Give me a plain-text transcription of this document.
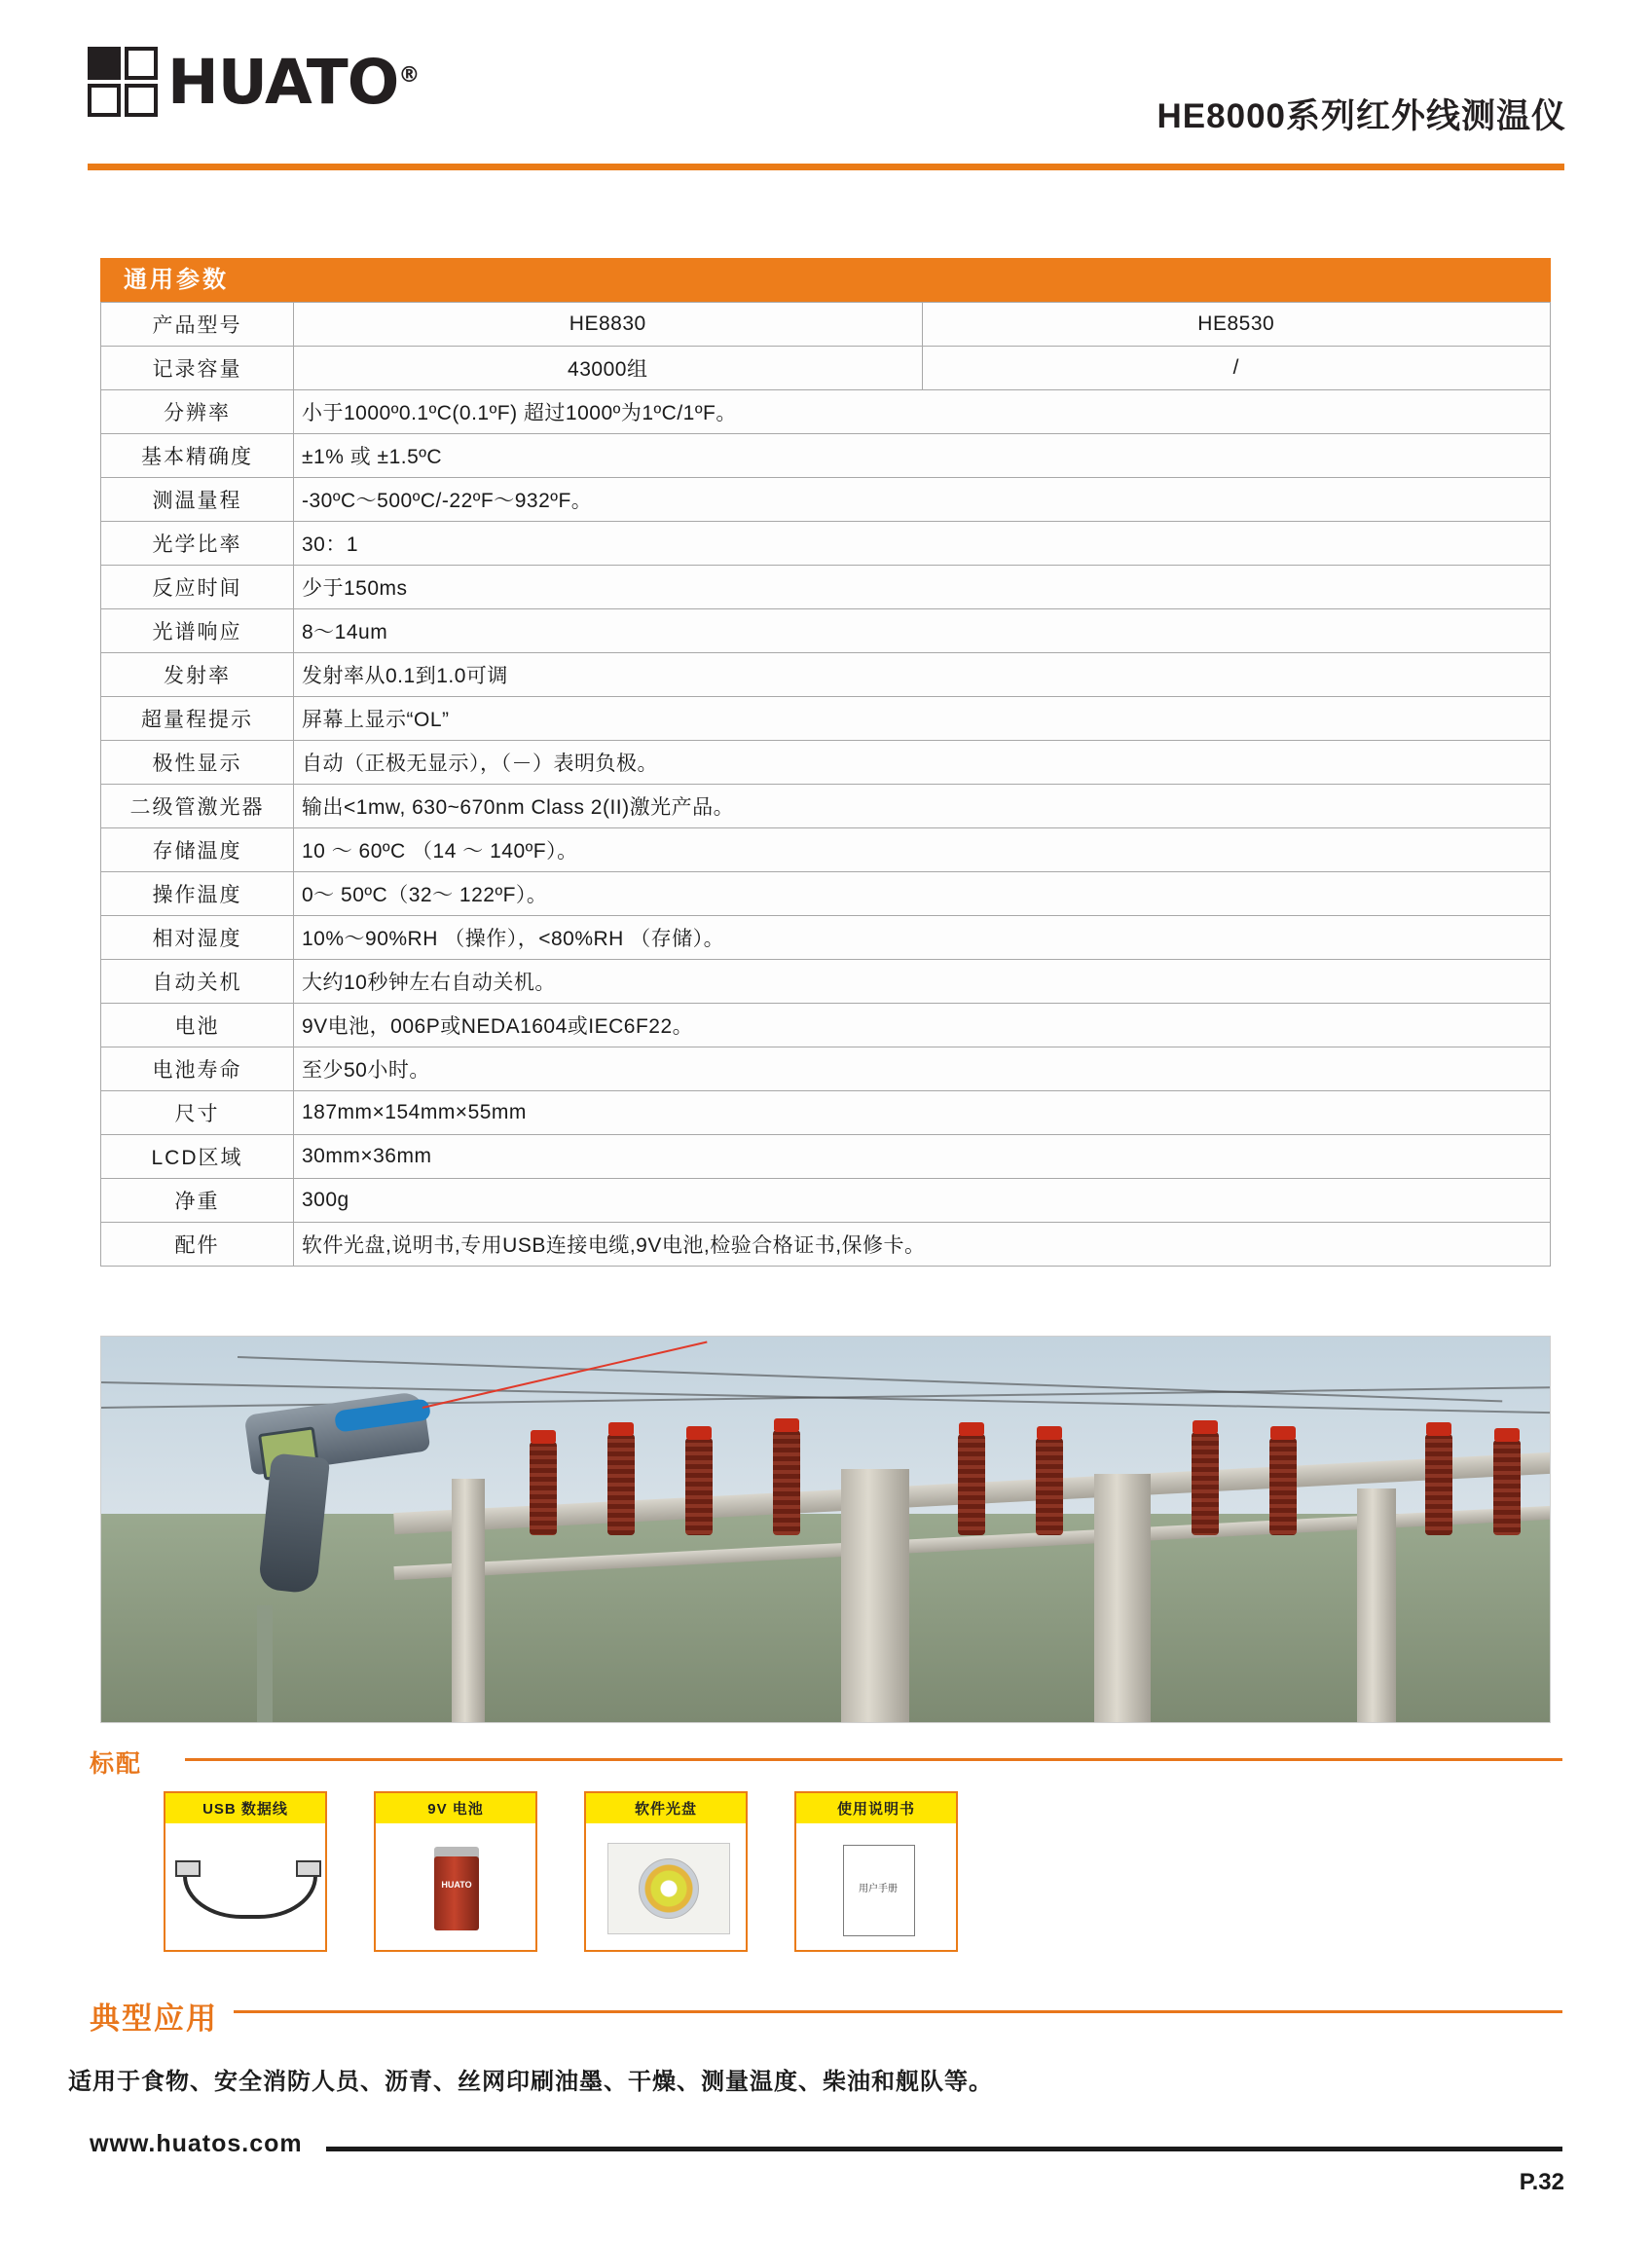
HUATO®
HE8000系列红外线测温仪
通用参数
产品型号	HE8830	HE8530
记录容量	43000组	/
分辨率	小于1000º0.1ºC(0.1ºF) 超过1000º为1ºC/1ºF。	
基本精确度	±1% 或 ±1.5ºC	
测温量程	-30ºC～500ºC/-22ºF～932ºF。	
光学比率	30：1	
反应时间	少于150ms	
光谱响应	8～14um	
发射率	发射率从0.1到1.0可调	
超量程提示	屏幕上显示“OL”	
极性显示	自动（正极无显示），（－）表明负极。	
二级管激光器	输出<1mw, 630~670nm Class 2(II)激光产品。	
存储温度	10 ～ 60ºC （14 ～ 140ºF）。	
操作温度	0～ 50ºC（32～ 122ºF）。	
相对湿度	10%～90%RH （操作），<80%RH （存储）。	
自动关机	大约10秒钟左右自动关机。	
电池	9V电池，006P或NEDA1604或IEC6F22。	
电池寿命	至少50小时。	
尺寸	187mm×154mm×55mm	
LCD区域	30mm×36mm	
净重	300g	
配件	软件光盘,说明书,专用USB连接电缆,9V电池,检验合格证书,保修卡。	
标配
USB 数据线	9V 电池
HUATO
软件光盘	使用说明书
用户手册
典型应用
适用于食物、安全消防人员、沥青、丝网印刷油墨、干燥、测量温度、柴油和舰队等。
www.huatos.com
P.32
